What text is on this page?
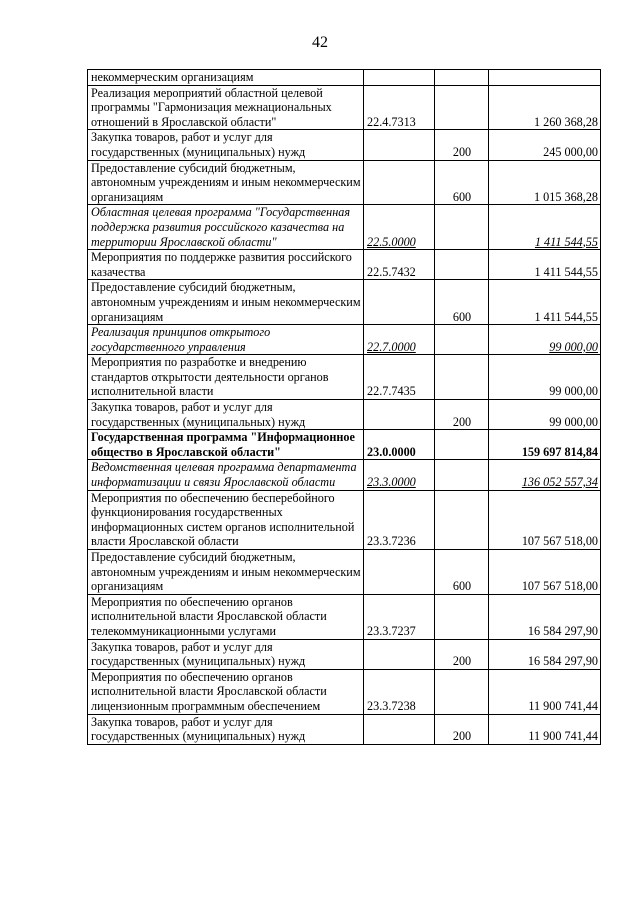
42
некоммерческим организациям			
Реализация мероприятий областной целевой программы "Гармонизация межнациональных отношений в Ярославской области"	22.4.7313		1 260 368,28
Закупка товаров, работ и услуг для государственных (муниципальных) нужд		200	245 000,00
Предоставление субсидий бюджетным, автономным учреждениям и иным некоммерческим организациям		600	1 015 368,28
Областная целевая программа "Государственная поддержка развития российского казачества на территории Ярославской области"	22.5.0000		1 411 544,55
Мероприятия по поддержке развития российского казачества	22.5.7432		1 411 544,55
Предоставление субсидий бюджетным, автономным учреждениям и иным некоммерческим организациям		600	1 411 544,55
Реализация принципов открытого государственного управления	22.7.0000		99 000,00
Мероприятия по разработке и внедрению стандартов открытости деятельности органов исполнительной власти	22.7.7435		99 000,00
Закупка товаров, работ и услуг для государственных (муниципальных) нужд		200	99 000,00
Государственная программа "Информационное общество в Ярославской области"	23.0.0000		159 697 814,84
Ведомственная целевая программа департамента информатизации и связи Ярославской области	23.3.0000		136 052 557,34
Мероприятия по обеспечению бесперебойного функционирования государственных информационных систем органов исполнительной власти Ярославской области	23.3.7236		107 567 518,00
Предоставление субсидий бюджетным, автономным учреждениям и иным некоммерческим организациям		600	107 567 518,00
Мероприятия по обеспечению органов исполнительной власти Ярославской области телекоммуникационными услугами	23.3.7237		16 584 297,90
Закупка товаров, работ и услуг для государственных (муниципальных) нужд		200	16 584 297,90
Мероприятия по обеспечению органов исполнительной власти Ярославской области лицензионным программным обеспечением	23.3.7238		11 900 741,44
Закупка товаров, работ и услуг для государственных (муниципальных) нужд		200	11 900 741,44
